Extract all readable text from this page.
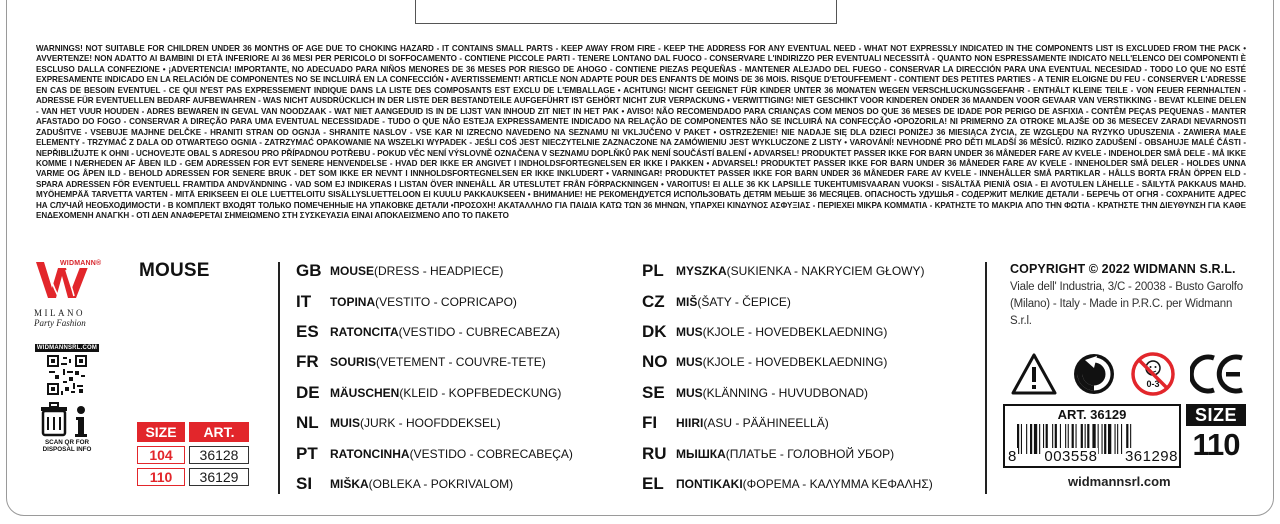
WARNINGS! NOT SUITABLE FOR CHILDREN UNDER 36 MONTHS OF AGE DUE TO CHOKING HAZARD - IT CONTAINS SMALL PARTS - KEEP AWAY FROM FIRE - KEEP THE ADDRESS FOR ANY EVENTUAL NEED - WHAT NOT EXPRESSLY INDICATED IN THE COMPONENTS LIST IS EXCLUDED FROM THE PACK • AVVERTENZE! NON ADATTO AI BAMBINI DI ETÀ INFERIORE AI 36 MESI PER PERICOLO DI SOFFOCAMENTO - CONTIENE PICCOLE PARTI - TENERE LONTANO DAL FUOCO - CONSERVARE L'INDIRIZZO PER EVENTUALI NECESSITÀ - QUANTO NON ESPRESSAMENTE INDICATO NELL'ELENCO DEI COMPONENTI È ESCLUSO DALLA CONFEZIONE • ¡ADVERTENCIA! IMPORTANTE, NO ADECUADO PARA NIÑOS MENORES DE 36 MESES POR RIESGO DE AHOGO - CONTIENE PIEZAS PEQUEÑAS - MANTENER ALEJADO DEL FUEGO - CONSERVAR LA DIRECCIÓN PARA UNA EVENTUAL NECESIDAD - TODO LO QUE NO ESTÉ EXPRESAMENTE INDICADO EN LA RELACIÓN DE COMPONENTES NO SE INCLUIRÁ EN LA CONFECCIÓN • AVERTISSEMENT! ARTICLE NON ADAPTE POUR DES ENFANTS DE MOINS DE 36 MOIS. RISQUE D'ETOUFFEMENT - CONTIENT DES PETITES PARTIES - A TENIR ELOIGNE DU FEU - CONSERVER L'ADRESSE EN CAS DE BESOIN EVENTUEL - CE QUI N'EST PAS EXPRESSEMENT INDIQUE DANS LA LISTE DES COMPOSANTS EST EXCLU DE L'EMBALLAGE • ACHTUNG! NICHT GEEIGNET FÜR KINDER UNTER 36 MONATEN WEGEN VERSCHLUCKUNGSGEFAHR - ENTHÄLT KLEINE TEILE - VON FEUER FERNHALTEN - ADRESSE FÜR EVENTUELLEN BEDARF AUFBEWAHREN - WAS NICHT AUSDRÜCKLICH IN DER LISTE DER BESTANDTEILE AUFGEFÜHRT IST GEHÖRT NICHT ZUR VERPACKUNG • VERWITTIGING! NIET GESCHIKT VOOR KINDEREN ONDER 36 MAANDEN VOOR GEVAAR VAN VERSTIKKING - BEVAT KLEINE DELEN - VAN HET VUUR HOUDEN - ADRES BEWAREN IN GEVAL VAN NOODZAAK - WAT NIET AANGEDUID IS IN DE LIJST VAN INHOUD ZIT NIET IN HET PAK • AVISO! NÃO RECOMENDADO PARA CRIANÇAS COM MENOS DO QUE 36 MESES DE IDADE POR PERIGO DE ASFIXIA - CONTÊM PEÇAS PEQUENAS - MANTER AFASTADO DO FOGO - CONSERVAR A DIREÇÃO PARA UMA EVENTUAL NECESSIDADE - TUDO O QUE NÃO ESTEJA EXPRESSAMENTE INDICADO NA RELAÇÃO DE COMPONENTES NÃO SE INCLUIRÁ NA CONFECÇÃO •OPOZORILA! NI PRIMERNO ZA OTROKE MLAJŠE OD 36 MESECEV ZARADI NEVARNOSTI ZADUŠITVE - VSEBUJE MAJHNE DELČKE - HRANITI STRAN OD OGNJA - SHRANITE NASLOV - VSE KAR NI IZRECNO NAVEDENO NA SEZNAMU NI VKLJUČENO V PAKET • OSTRZEŻENIE! NIE NADAJE SIĘ DLA DZIECI PONIŻEJ 36 MIESIĄCA ŻYCIA, ZE WZGLĘDU NA RYZYKO UDUSZENIA - ZAWIERA MAŁE ELEMENTY - TRZYMAĆ Z DALA OD OTWARTEGO OGNIA - ZATRZYMAĆ OPAKOWANIE NA WSZELKI WYPADEK - JEŚLI COŚ JEST NIECZYTELNIE ZAZNACZONE NA ZAMÓWIENIU JEST WYKLUCZONE Z LISTY • VAROVÁNÍ! NEVHODNÉ PRO DĚTI MLADŠÍ 36 MĚSÍCŮ. RIZIKO ZADUŠENÍ - OBSAHUJE MALÉ ČÁSTI - NEPŘIBLIŽUJTE K OHNI - UCHOVEJTE OBAL S ADRESOU PRO PŘÍPADNOU POTŘEBU - POKUD VĚC NENÍ VÝSLOVNĚ OZNAČENA V SEZNAMU DOPLŇKŮ PAK NENÍ SOUČÁSTÍ BALENÍ • ADVARSEL! PRODUKTET PASSER IKKE FOR BARN UNDER 36 MÅNEDER FARE AV KVELE - INDEHOLDER SMÅ DELE - MÅ IKKE KOMME I NÆRHEDEN AF ÅBEN ILD - GEM ADRESSEN FOR EVT SENERE HENVENDELSE - HVAD DER IKKE ER ANGIVET I INDHOLDSFORTEGNELSEN ER IKKE I PAKKEN • ADVARSEL! PRODUKTET PASSER IKKE FOR BARN UNDER 36 MÅNEDER FARE AV KVELE - INNEHOLDER SMÅ DELER - HOLDES UNNA VARME OG ÅPEN ILD - BEHOLD ADRESSEN FOR SENERE BRUK - DET SOM IKKE ER NEVNT I INNHOLDSFORTEGNELSEN ER IKKE INKLUDERT • VARNINGAR! PRODUKTET PASSER IKKE FOR BARN UNDER 36 MÅNEDER FARE AV KVELE - INNEHÅLLER SMÅ PARTIKLAR - HÅLLS BORTA FRÅN ÖPPEN ELD - SPARA ADRESSEN FÖR EVENTUELL FRAMTIDA ANDVÄNDNING - VAD SOM EJ INDIKERAS I LISTAN ÖVER INNEHÅLL ÄR UTESLUTET FRÅN FÖRPACKNINGEN • VAROITUS! EI ALLE 36 KK LAPSILLE TUKEHTUMISVAARAN VUOKSI - SISÄLTÄÄ PIENIÄ OSIA - EI AVOTULEN LÄHELLE - SÄILYTÄ PAKKAUS MAHD. MYÖHEMPÄÄ TARVETTA VARTEN - MITÄ ERIKSEEN EI OLE LUETTELOITU SISÄLLYSLUETTELOON EI KUULU PAKKAUKSEEN • ВНИМАНИЕ! НЕ РЕКОМЕНДУЕТСЯ ИСПОЛЬЗОВАТЬ ДЕТЯМ МЕЬШЕ 36 МЕСЯЦЕВ. ОПАСНОСТЬ УДУШЬЯ - СОДЕРЖИТ МЕЛКИЕ ДЕТАЛИ - БЕРЕЧЬ ОТ ОГНЯ - СОХРАНИТЕ АДРЕС НА СЛУЧАЙ НЕОБХОДИМОСТИ - В КОМПЛЕКТ ВХОДЯТ ТОЛЬКО ПОМЕЧЕННЫЕ НА УПАКОВКЕ ДЕТАЛИ •ΠΡΟΣΟΧΗ! ΑΚΑΤΑΛΛΗΛΟ ΓΙΑ ΠΑΙΔΙΑ ΚΑΤΩ ΤΩΝ 36 ΜΗΝΩΝ, ΥΠΑΡΧΕΙ ΚΙΝΔΥΝΟΣ ΑΣΦΥΞΙΑΣ - ΠΕΡΙΕΧΕΙ ΜΙΚΡΑ ΚΟΜΜΑΤΙΑ - ΚΡΑΤΗΣΤΕ ΤΟ ΜΑΚΡΙΑ ΑΠΟ ΤΗΝ ΦΩΤΙΑ - ΚΡΑΤΗΣΤΕ ΤΗΝ ΔΙΕΥΘΥΝΣΗ ΓΙΑ ΚΑΘΕ ΕΝΔΕΧΟΜΕΝΗ ΑΝΑΓΚΗ - ΟΤΙ ΔΕΝ ΑΝΑΦΕΡΕΤΑΙ ΣΗΜΕΙΩΜΕΝΟ ΣΤΗ ΣΥΣΚΕΥΑΣΙΑ ΕΙΝΑΙ ΑΠΟΚΛΕΙΣΜΕΝΟ ΑΠΟ ΤΟ ΠΑΚΕΤΟ
WIDMANN®
MILANO
Party Fashion
WIDMANNSRL.COM
SCAN QR FOR
DISPOSAL INFO
MOUSE
SIZE	ART.
104	36128
110	36129
GB MOUSE (DRESS - HEADPIECE)
IT	TOPINA (VESTITO - COPRICAPO)
ES RATONCITA (VESTIDO - CUBRECABEZA)
FR SOURIS (VETEMENT - COUVRE-TETE)
DE MÄUSCHEN (KLEID - KOPFBEDECKUNG)
NL MUIS (JURK - HOOFDDEKSEL)
PT	RATONCINHA (VESTIDO - COBRECABEÇA)
SI	MIŠKA (OBLEKA - POKRIVALOM)
PL	MYSZKA (SUKIENKA - NAKRYCIEM GŁOWY)
CZ MIŠ (ŠATY - ČEPICE)
DK MUS (KJOLE - HOVEDBEKLAEDNING)
NO MUS (KJOLE - HOVEDBEKLAEDNING)
SE MUS (KLÄNNING - HUVUDBONAD)
FI	HIIRI (ASU - PÄÄHINEELLÄ)
RU МЫШКА (ПЛАТЬЕ - ГОЛОВНОЙ УБОР)
EL	ΠΟΝΤΙΚΑΚΙ (ΦΟΡΕΜΑ - ΚΑΛΥΜΜΑ ΚΕΦΑΛΗΣ)
COPYRIGHT © 2022 WIDMANN S.R.L.
Viale dell' Industria, 3/C - 20038 - Busto Garolfo (Milano) - Italy - Made in P.R.C. per Widmann S.r.l.
0-3
ART. 36129
8 003558 361298
SIZE
110
widmannsrl.com
